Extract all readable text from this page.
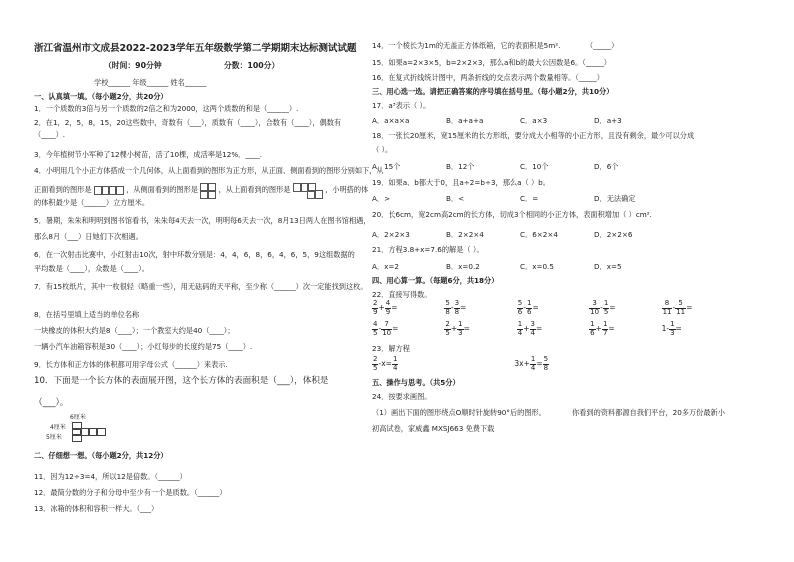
浙江省温州市文成县2022-2023学年五年级数学第二学期期末达标测试试题
（时间：90分钟	分数：100分）
学校______ 年级______ 姓名______
一、认真填一填。（每小题2分，共20分）
1．一个质数的3倍与另一个质数的2倍之和为2000，这两个质数的和是（______）.
2．在1，2，5，8，15，20这些数中，奇数有（___），质数有（____），合数有（____），偶数有
（____）.
3．今年植树节小军种了12棵小树苗，活了10棵，成活率是12%．____.
4．小明用几个小正方体搭成一个几何体，从上面看到的图形为正方形，从正面、侧面看到的图形分别如下，从
正面看到的图形是	，从侧面看到的图形是	，从上面看到的图形是	，小明搭的体
的体积最少是（______）立方厘米。
5．暑期，朱朱和明明到图书馆看书，朱朱每4天去一次，明明每6天去一次，8月13日两人在图书馆相遇，
那么8月（___）日她们下次相遇。
6．在一次射击比赛中，小红射击10次，射中环数分别是：4，4，6，8，6，4，6，5，9这组数据的
平均数是（____），众数是（____）。
7．有15枚纸片，其中一枚很轻（略重一些），用无砝码的天平称，至少称（______）次一定能找到这枚。
8．在括号里填上适当的单位名称
一块橡皮的体积大约是8（____）；一个教室大约是40（____）；
一辆小汽车油箱容积是30（____）；小红每步的长度约是75（____）.
9．长方体和正方体的体积都可用字母公式（______）来表示.
10．下面是一个长方体的表面展开图，这个长方体的表面积是（___），体积是
（___）。
6厘米
4厘米
5厘米
二、仔细想一想。（每小题2分，共12分）
11．因为12÷3=4，所以12是倍数。（______）
12．最简分数的分子和分母中至少有一个是质数。（______）
13．冰箱的体积和容积一样大。（___）
14．一个棱长为1m的无盖正方体纸箱，它的表面积是5m².	（_____）
15．如果a=2×3×5，b=2×2×3，那么a和b的最大公因数是6。（_____）
16．在复式折线统计图中，两条折线的交点表示两个数量相等。（_____）
三、用心选一选。请把正确答案的序号填在括号里。（每小题2分，共10分）
17．a³表示（ ）。
A．a×a×a	B．a+a+a	C．a×3	D．a+3
18．一张长20厘米，宽15厘米的长方形纸，要分成大小相等的小正方形，且没有剩余，最少可以分成
（ ）。
A．15个	B．12个	C．10个	D．6个
19．如果a、b都大于0，且a÷2=b÷3，那么a（ ）b。
A．>	B．<	C．=	D．无法确定
20．长6cm，宽2cm高2cm的长方体，切成3个相同的小正方体，表面积增加（ ）cm².
A．2×2×3	B．2×2×4	C．6×2×4	D．2×2×6
21．方程3.8+x=7.6的解是（ ）。
A．x=2	B．x=0.2	C．x=0.5	D．x=5
四、用心算一算。（每题6分，共18分）
22．直接写得数。
$\frac{2}{9} + \frac{4}{9}$ =	$\frac{5}{8} - \frac{3}{8}$ =	$\frac{5}{6} - \frac{1}{6}$ =	$\frac{3}{10} - \frac{1}{5}$ =	$\frac{8}{11} - \frac{5}{11}$ =
$\frac{4}{5} - \frac{7}{10}$ =	$\frac{2}{5} + \frac{1}{3}$ =	$\frac{1}{4} + \frac{3}{4}$ =	$\frac{1}{6} + \frac{1}{7}$ =	$1- \frac{1}{3}$ =
23．解方程
$\frac{2}{5} -x= \frac{1}{4}$	$3x+ \frac{1}{4} = \frac{5}{8}$
五、操作与思考。（共5分）
24．按要求画图。
（1）画出下面的图形绕点O顺时针旋转90°后的图形。	你看到的资料都源自我们平台，20多万份最新小
初高试卷，家威鑫 MXSJ663 免费下载
